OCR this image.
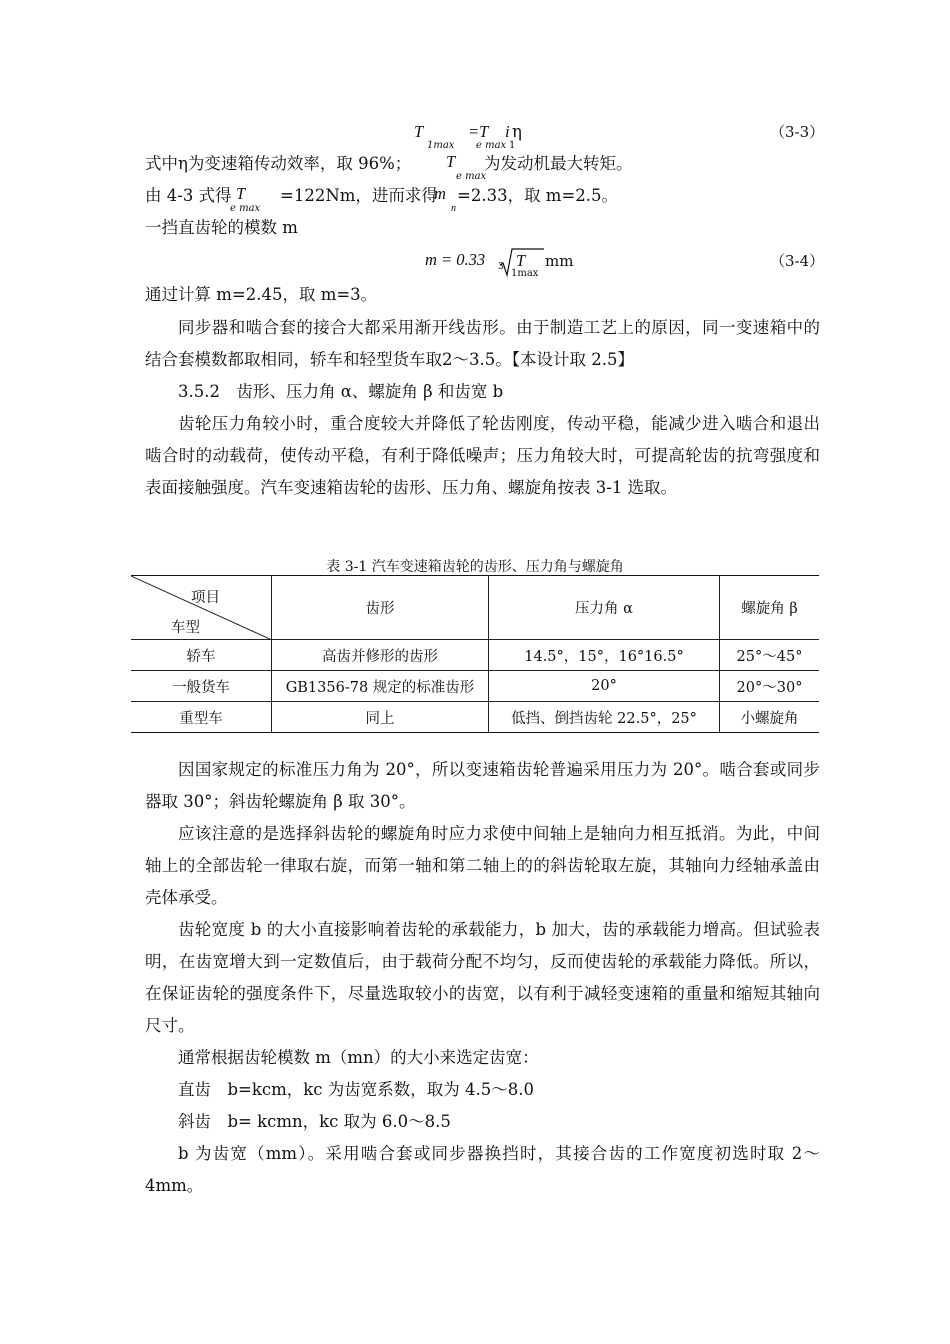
T
1max
=T
e max
i
1
η	（3-3）
式中η为变速箱传动效率，取 96%； T
e max
为发动机最大转矩。
由 4-3 式得 T
e max
=122Nm，进而求得
m
n
=2.33，取 m=2.5。
一挡直齿轮的模数 m
m = 0.33 3 T
1max
mm	（3-4）
通过计算 m=2.45，取 m=3。
同步器和啮合套的接合大都采用渐开线齿形。由于制造工艺上的原因，同一变速箱中的结合套模数都取相同，轿车和轻型货车取2～3.5。【本设计取 2.5】
3.5.2　齿形、压力角 α、螺旋角 β 和齿宽 b
齿轮压力角较小时，重合度较大并降低了轮齿刚度，传动平稳，能减少进入啮合和退出啮合时的动载荷，使传动平稳，有利于降低噪声；压力角较大时，可提高轮齿的抗弯强度和表面接触强度。汽车变速箱齿轮的齿形、压力角、螺旋角按表 3-1 选取。
表 3-1 汽车变速箱齿轮的齿形、压力角与螺旋角
项目
车型	齿形	压力角 α	螺旋角 β
轿车	高齿并修形的齿形	14.5°，15°，16°16.5°	25°～45°
一般货车	GB1356-78 规定的标准齿形	20°	20°～30°
重型车	同上	低挡、倒挡齿轮 22.5°，25°	小螺旋角
因国家规定的标准压力角为 20°，所以变速箱齿轮普遍采用压力为 20°。啮合套或同步器取 30°；斜齿轮螺旋角 β 取 30°。
应该注意的是选择斜齿轮的螺旋角时应力求使中间轴上是轴向力相互抵消。为此，中间轴上的全部齿轮一律取右旋，而第一轴和第二轴上的的斜齿轮取左旋，其轴向力经轴承盖由壳体承受。
齿轮宽度 b 的大小直接影响着齿轮的承载能力，b 加大，齿的承载能力增高。但试验表明，在齿宽增大到一定数值后，由于载荷分配不均匀，反而使齿轮的承载能力降低。所以，在保证齿轮的强度条件下，尽量选取较小的齿宽，以有利于减轻变速箱的重量和缩短其轴向尺寸。
通常根据齿轮模数 m（mn）的大小来选定齿宽：
直齿　b=kcm，kc 为齿宽系数，取为 4.5～8.0
斜齿　b= kcmn，kc 取为 6.0～8.5
b 为齿宽（mm）。采用啮合套或同步器换挡时，其接合齿的工作宽度初选时取 2～4mm。
